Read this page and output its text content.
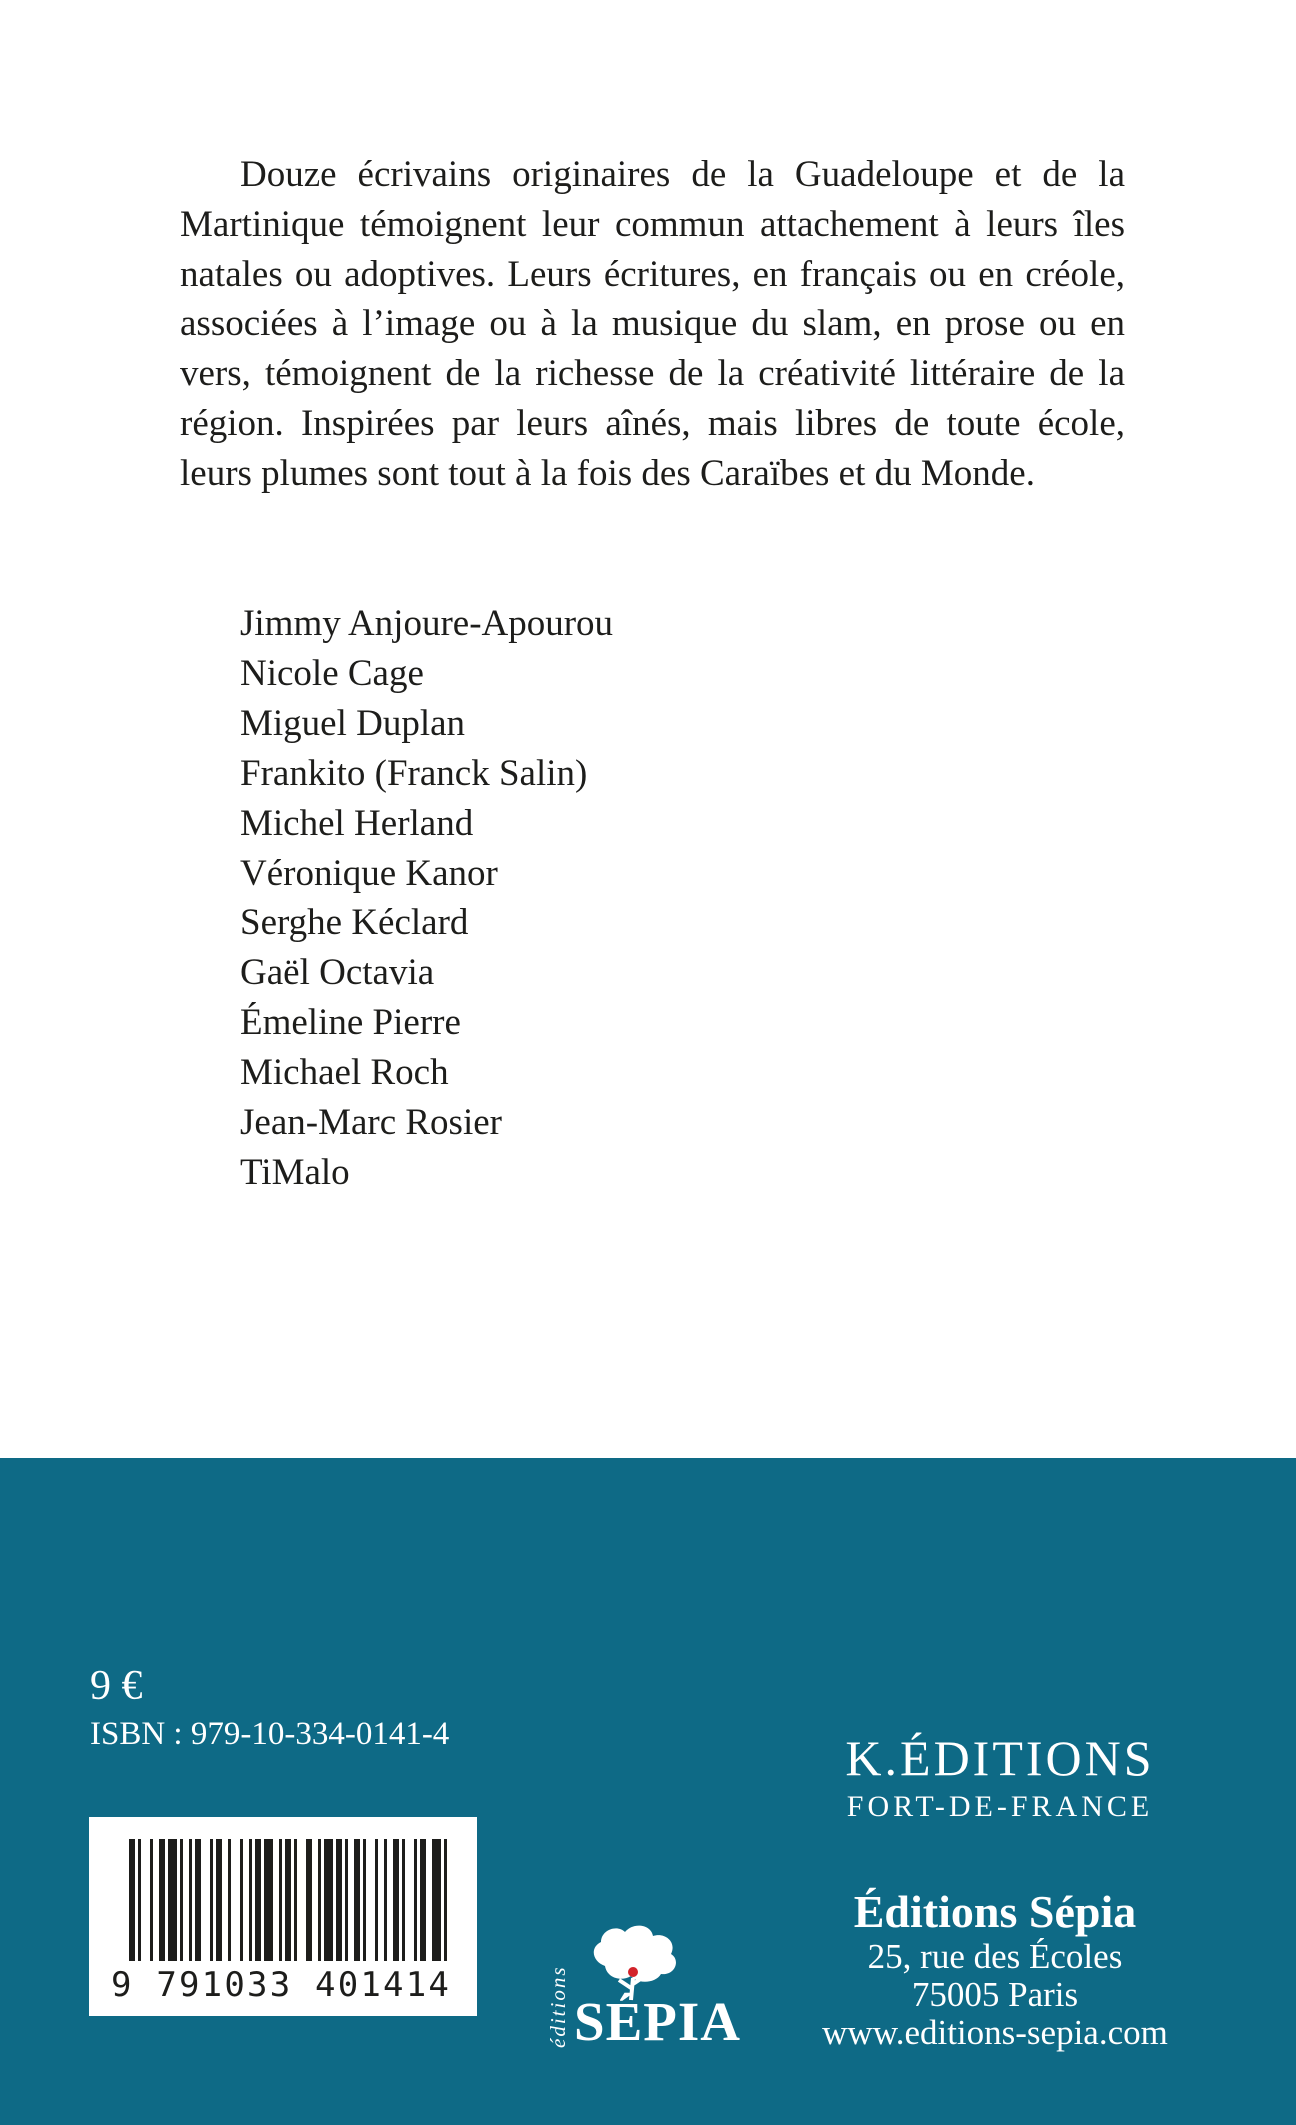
Douze écrivains originaires de la Guadeloupe et de la Martinique témoignent leur commun attachement à leurs îles natales ou adoptives. Leurs écritures, en français ou en créole, associées à l’image ou à la musique du slam, en prose ou en vers, témoignent de la richesse de la créativité littéraire de la région. Inspirées par leurs aînés, mais libres de toute école, leurs plumes sont tout à la fois des Caraïbes et du Monde.

Jimmy Anjoure-Apourou
Nicole Cage
Miguel Duplan
Frankito (Franck Salin)
Michel Herland
Véronique Kanor
Serghe Kéclard
Gaël Octavia
Émeline Pierre
Michael Roch
Jean-Marc Rosier
TiMalo

9 €

ISBN : 979-10-334-0141-4

9 791033 401414	éditions SÉPIA

K.ÉDITIONS

FORT-DE-FRANCE

Éditions Sépia

25, rue des Écoles

75005 Paris

www.editions-sepia.com
